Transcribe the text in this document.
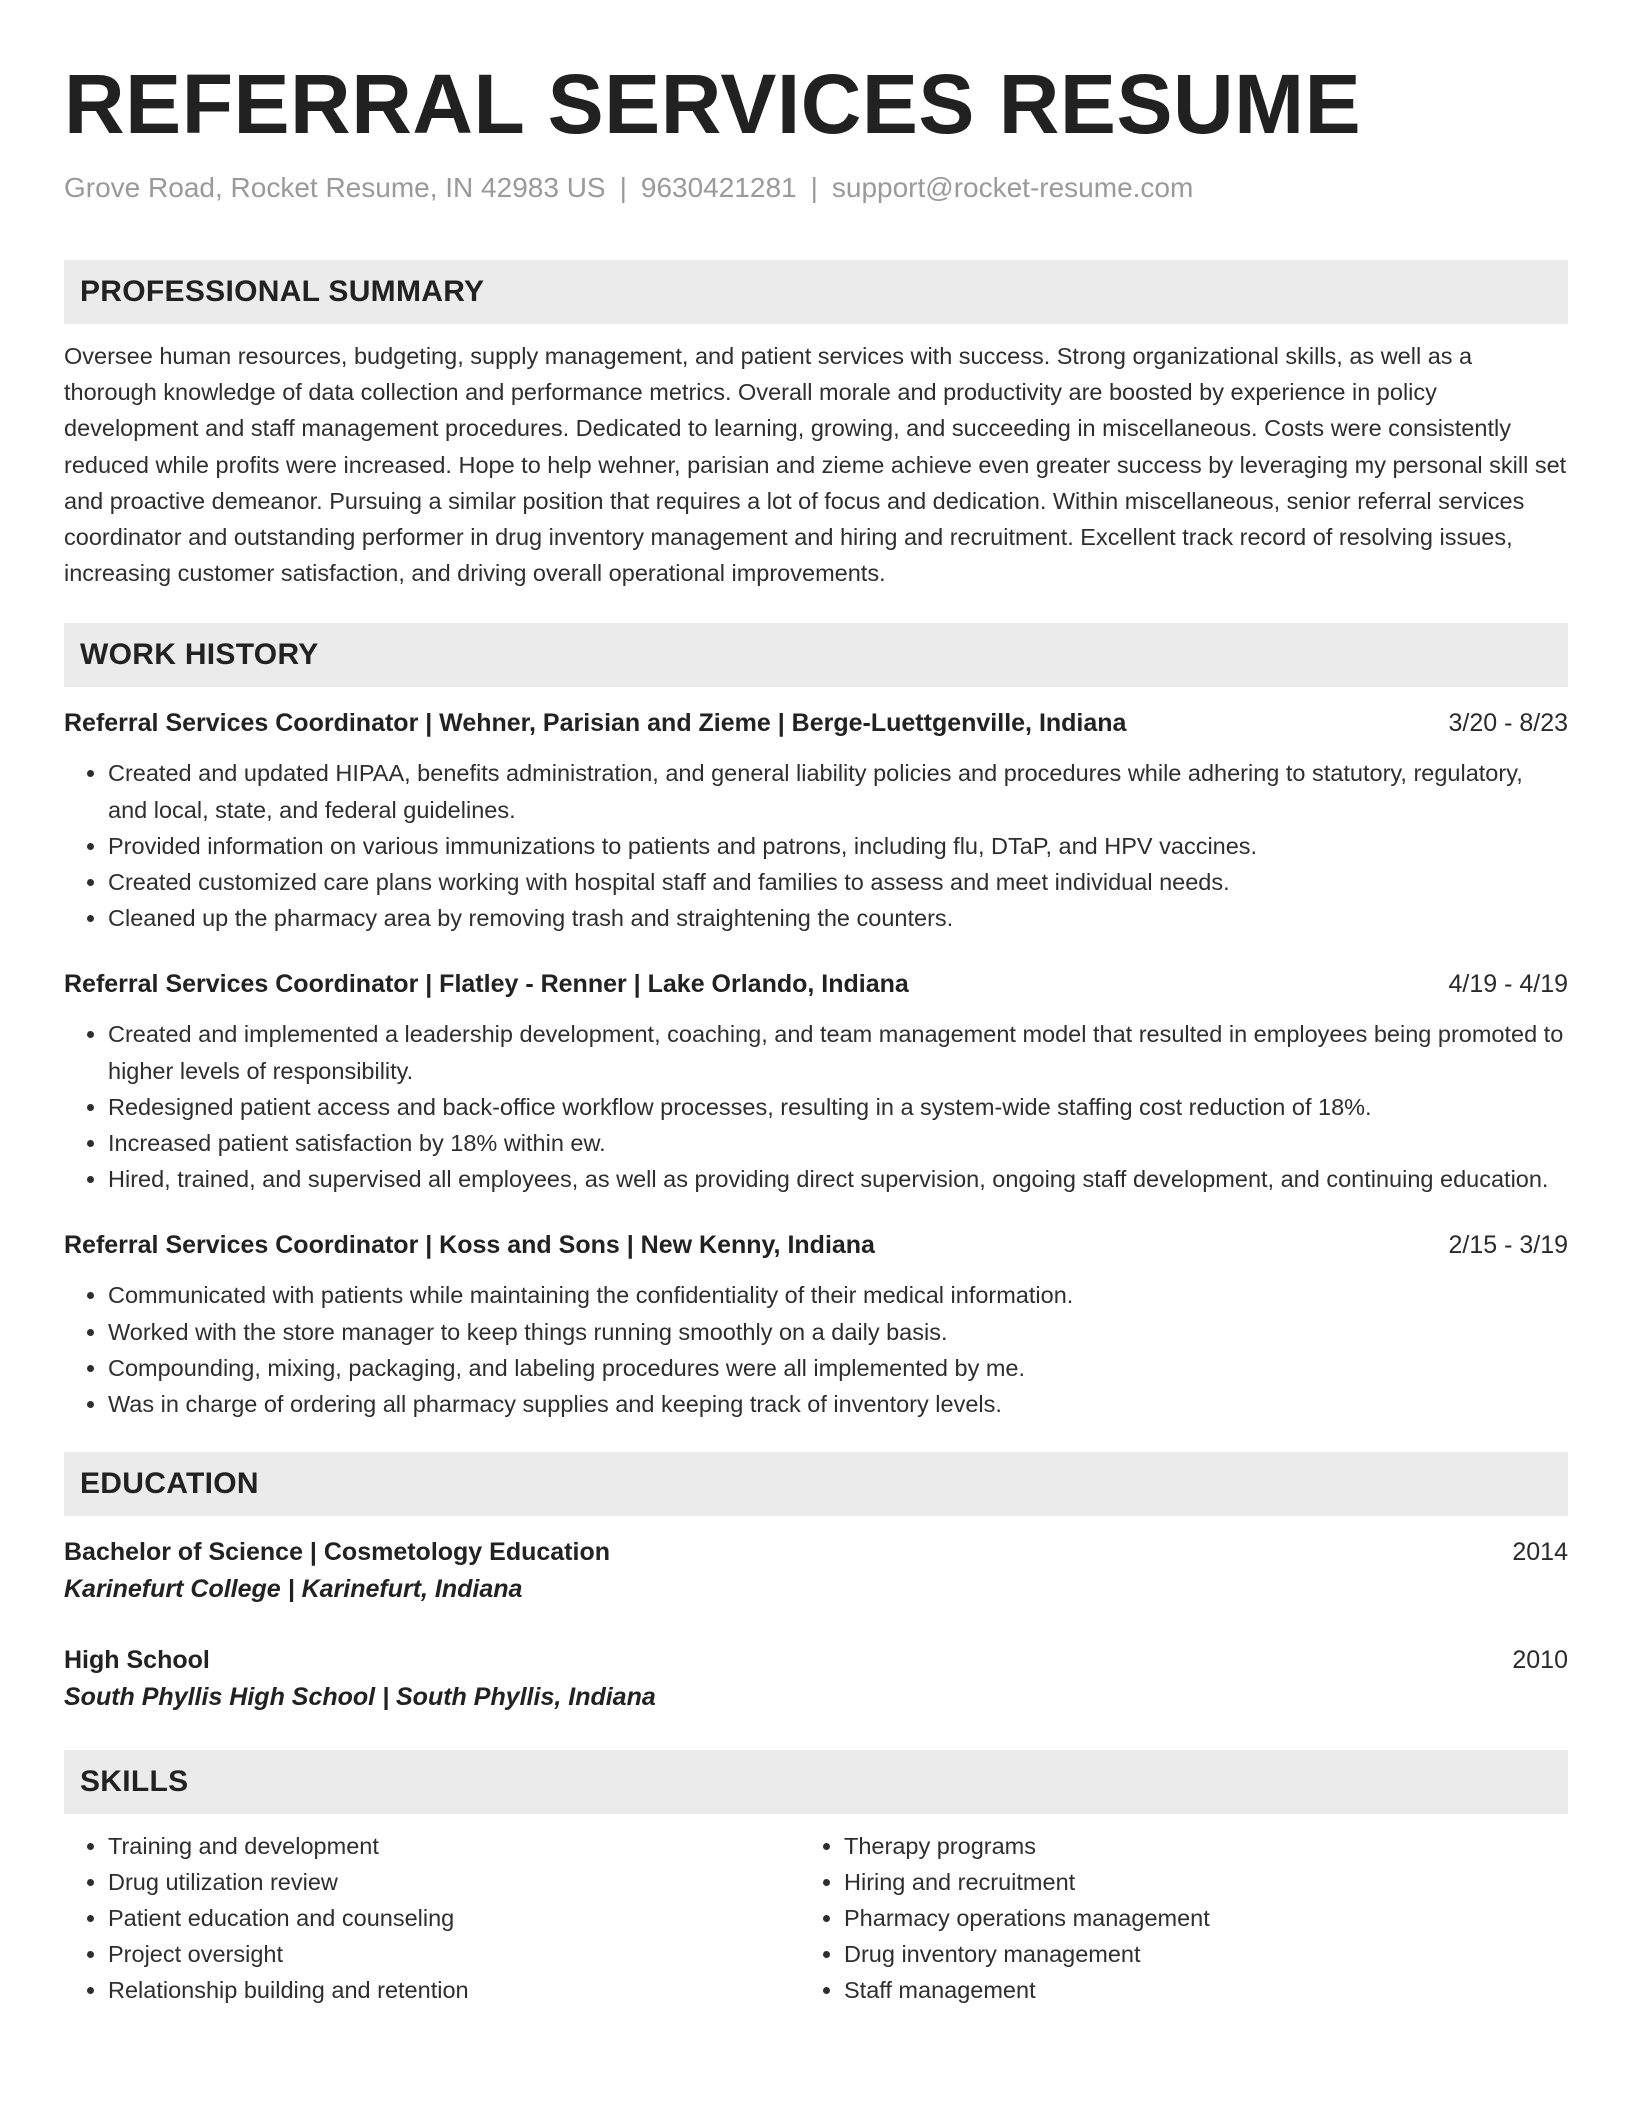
REFERRAL SERVICES RESUME
Grove Road, Rocket Resume, IN 42983 US | 9630421281 | support@rocket-resume.com
PROFESSIONAL SUMMARY

Oversee human resources, budgeting, supply management, and patient services with success. Strong organizational skills, as well as a thorough knowledge of data collection and performance metrics. Overall morale and productivity are boosted by experience in policy development and staff management procedures. Dedicated to learning, growing, and succeeding in miscellaneous. Costs were consistently reduced while profits were increased. Hope to help wehner, parisian and zieme achieve even greater success by leveraging my personal skill set and proactive demeanor. Pursuing a similar position that requires a lot of focus and dedication. Within miscellaneous, senior referral services coordinator and outstanding performer in drug inventory management and hiring and recruitment. Excellent track record of resolving issues, increasing customer satisfaction, and driving overall operational improvements.

WORK HISTORY
Referral Services Coordinator | Wehner, Parisian and Zieme | Berge-Luettgenville, Indiana	3/20 - 8/23
• Created and updated HIPAA, benefits administration, and general liability policies and procedures while adhering to statutory, regulatory, and local, state, and federal guidelines.
• Provided information on various immunizations to patients and patrons, including flu, DTaP, and HPV vaccines.
• Created customized care plans working with hospital staff and families to assess and meet individual needs.
• Cleaned up the pharmacy area by removing trash and straightening the counters.
Referral Services Coordinator | Flatley - Renner | Lake Orlando, Indiana	4/19 - 4/19
• Created and implemented a leadership development, coaching, and team management model that resulted in employees being promoted to higher levels of responsibility.
• Redesigned patient access and back-office workflow processes, resulting in a system-wide staffing cost reduction of 18%.
• Increased patient satisfaction by 18% within ew.
• Hired, trained, and supervised all employees, as well as providing direct supervision, ongoing staff development, and continuing education.
Referral Services Coordinator | Koss and Sons | New Kenny, Indiana	2/15 - 3/19
• Communicated with patients while maintaining the confidentiality of their medical information.
• Worked with the store manager to keep things running smoothly on a daily basis.
• Compounding, mixing, packaging, and labeling procedures were all implemented by me.
• Was in charge of ordering all pharmacy supplies and keeping track of inventory levels.
EDUCATION
Bachelor of Science | Cosmetology Education	2014
Karinefurt College | Karinefurt, Indiana
High School	2010
South Phyllis High School | South Phyllis, Indiana
SKILLS
• Training and development
• Drug utilization review
• Patient education and counseling
• Project oversight
• Relationship building and retention
• Therapy programs
• Hiring and recruitment
• Pharmacy operations management
• Drug inventory management
• Staff management
